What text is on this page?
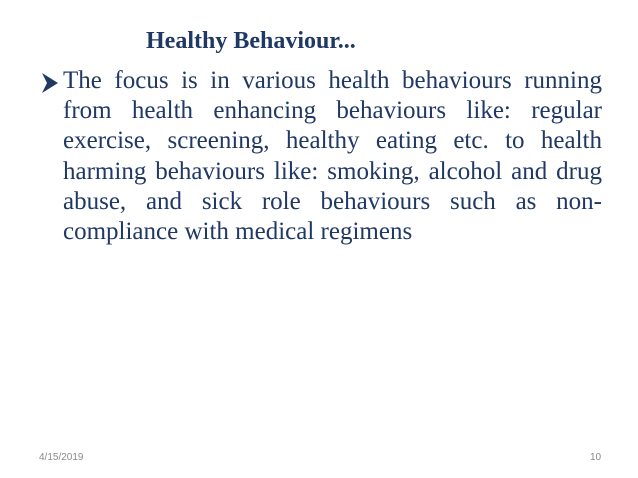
Healthy Behaviour...
The focus is in various health behaviours running from health enhancing behaviours like: regular exercise, screening, healthy eating etc. to health harming behaviours like: smoking, alcohol and drug abuse, and sick role behaviours such as non-compliance with medical regimens
4/15/2019	10
